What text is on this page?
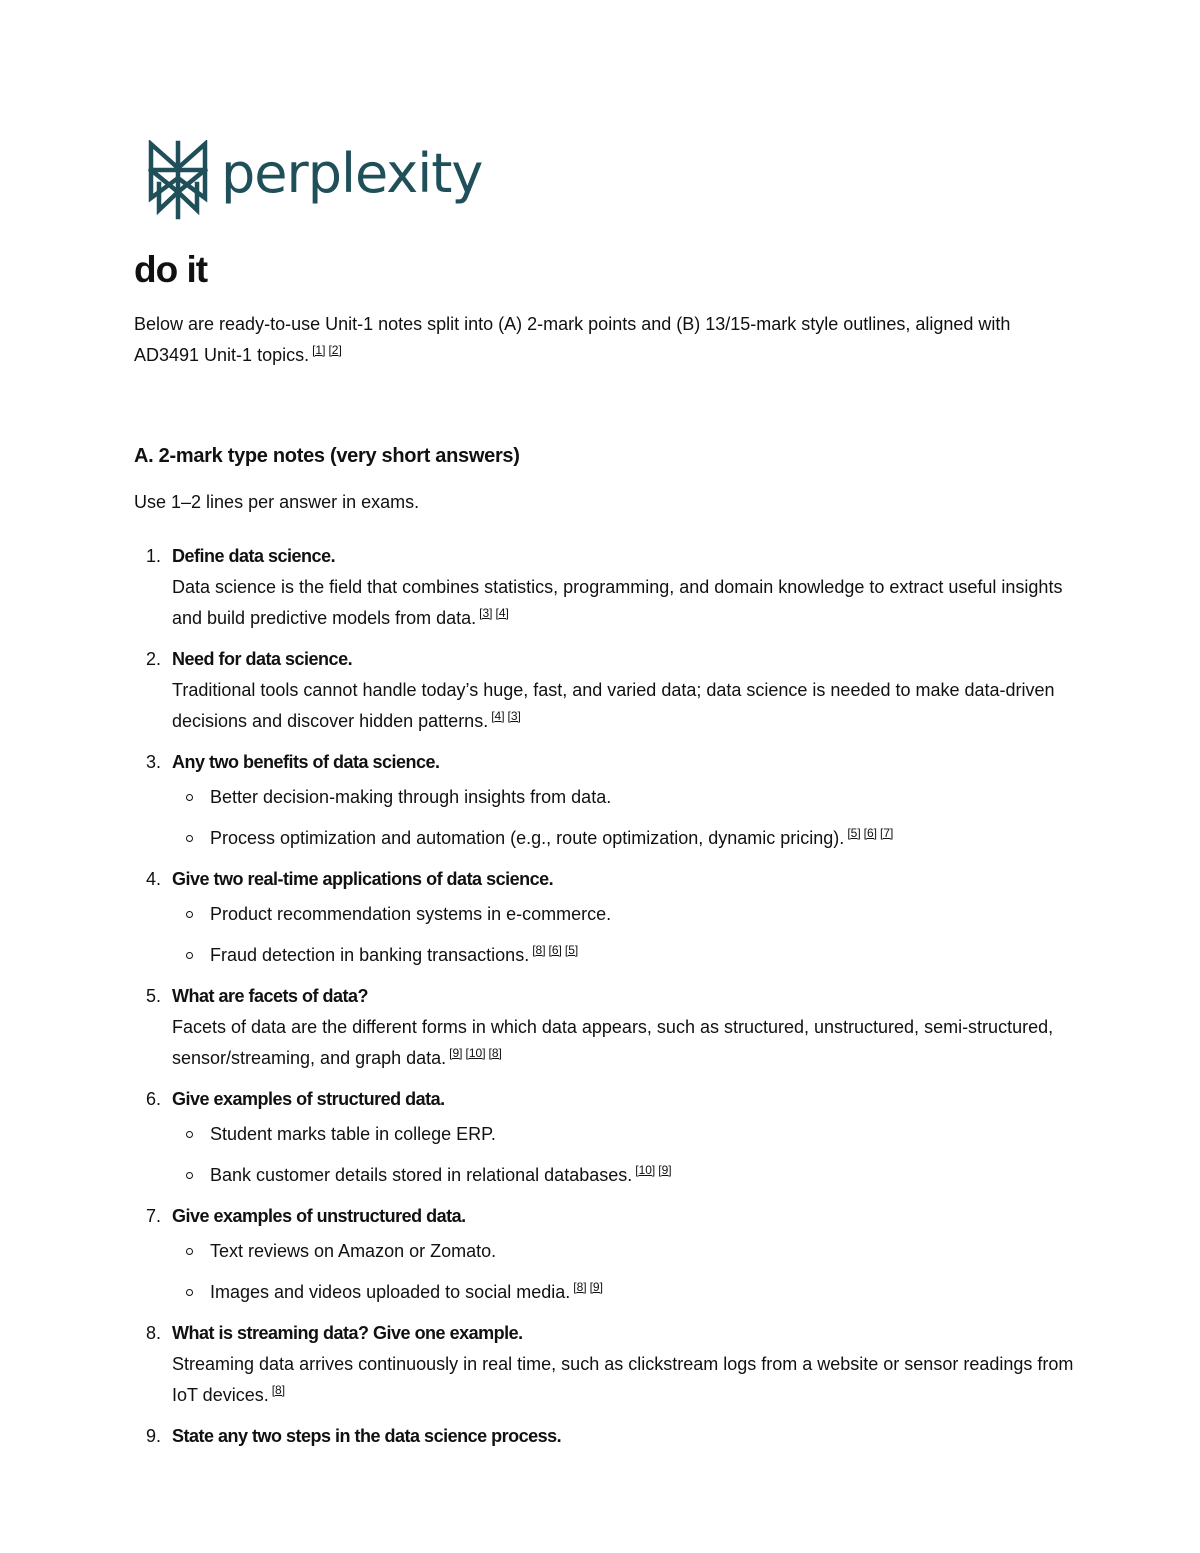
perplexity
do it

Below are ready-to-use Unit-1 notes split into (A) 2-mark points and (B) 13/15-mark style outlines, aligned with AD3491 Unit-1 topics. [1] [2]

A. 2-mark type notes (very short answers)
Use 1–2 lines per answer in exams.
1. Define data science.
Data science is the field that combines statistics, programming, and domain knowledge to extract useful insights and build predictive models from data. [3] [4]
2. Need for data science.
Traditional tools cannot handle today’s huge, fast, and varied data; data science is needed to make data-driven decisions and discover hidden patterns. [4] [3]
3. Any two benefits of data science.
Better decision-making through insights from data.
Process optimization and automation (e.g., route optimization, dynamic pricing). [5] [6] [7]
4. Give two real-time applications of data science.
Product recommendation systems in e-commerce.
Fraud detection in banking transactions. [8] [6] [5]
5. What are facets of data?
Facets of data are the different forms in which data appears, such as structured, unstructured, semi-structured, sensor/streaming, and graph data. [9] [10] [8]
6. Give examples of structured data.
Student marks table in college ERP.
Bank customer details stored in relational databases. [10] [9]
7. Give examples of unstructured data.
Text reviews on Amazon or Zomato.
Images and videos uploaded to social media. [8] [9]
8. What is streaming data? Give one example.
Streaming data arrives continuously in real time, such as clickstream logs from a website or sensor readings from IoT devices. [8]
9. State any two steps in the data science process.
